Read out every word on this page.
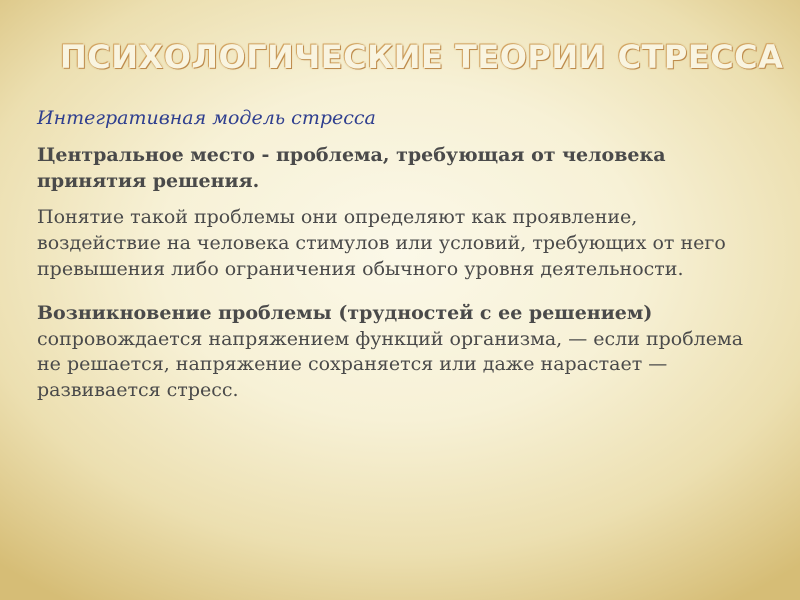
ПСИХОЛОГИЧЕСКИЕ ТЕОРИИ СТРЕССА
Интегративная модель стресса
Центральное место - проблема, требующая от человека принятия решения.
Понятие такой проблемы они определяют как проявление, воздействие на человека стимулов или условий, требующих от него превышения либо ограничения обычного уровня деятельности.
Возникновение проблемы (трудностей с ее решением) сопровождается напряжением функций организма, — если проблема не решается, напряжение сохраняется или даже нарастает — развивается стресс.
